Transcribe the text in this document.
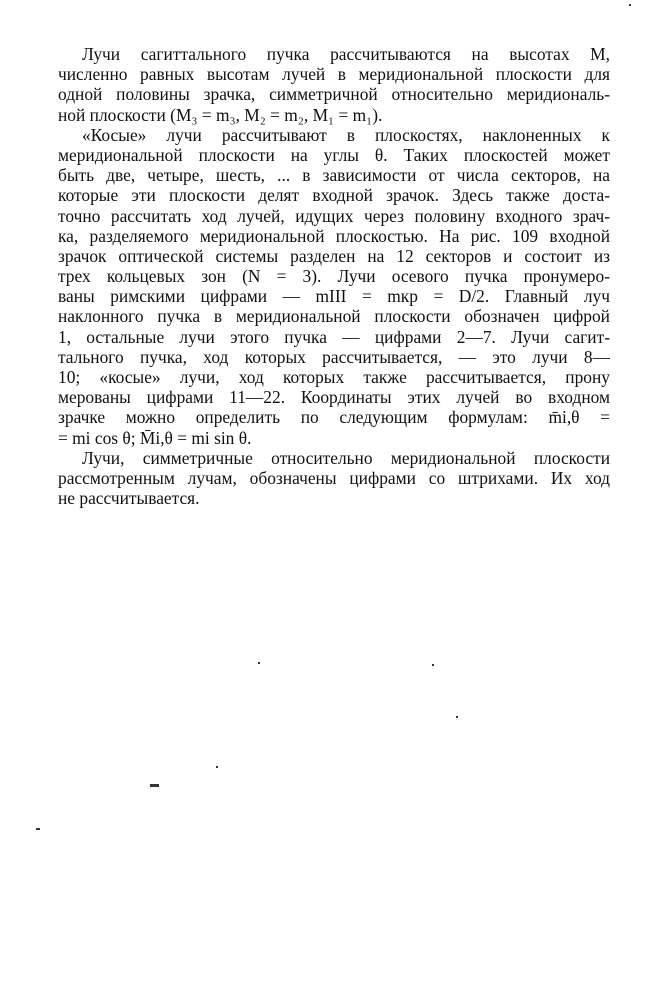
Лучи сагиттального пучка рассчитываются на высотах M,
численно равных высотам лучей в меридиональной плоскости для
одной половины зрачка, симметричной относительно меридиональ-
ной плоскости (M₃ = m₃, M₂ = m₂, M₁ = m₁).

«Косые» лучи рассчитывают в плоскостях, наклоненных к
меридиональной плоскости на углы θ. Таких плоскостей может
быть две, четыре, шесть, ... в зависимости от числа секторов, на
которые эти плоскости делят входной зрачок. Здесь также доста-
точно рассчитать ход лучей, идущих через половину входного зрач-
ка, разделяемого меридиональной плоскостью. На рис. 109 входной
зрачок оптической системы разделен на 12 секторов и состоит из
трех кольцевых зон (N = 3). Лучи осевого пучка пронумеро-
ваны римскими цифрами — mIII = mкр = D/2. Главный луч
наклонного пучка в меридиональной плоскости обозначен цифрой
1, остальные лучи этого пучка — цифрами 2—7. Лучи сагит-
тального пучка, ход которых рассчитывается, — это лучи 8—
10; «косые» лучи, ход которых также рассчитывается, прону
мерованы цифрами 11—22. Координаты этих лучей во входном
зрачке можно определить по следующим формулам: m̄i,θ =
= mi cos θ; M̄i,θ = mi sin θ.

Лучи, симметричные относительно меридиональной плоскости
рассмотренным лучам, обозначены цифрами со штрихами. Их ход
не рассчитывается.
